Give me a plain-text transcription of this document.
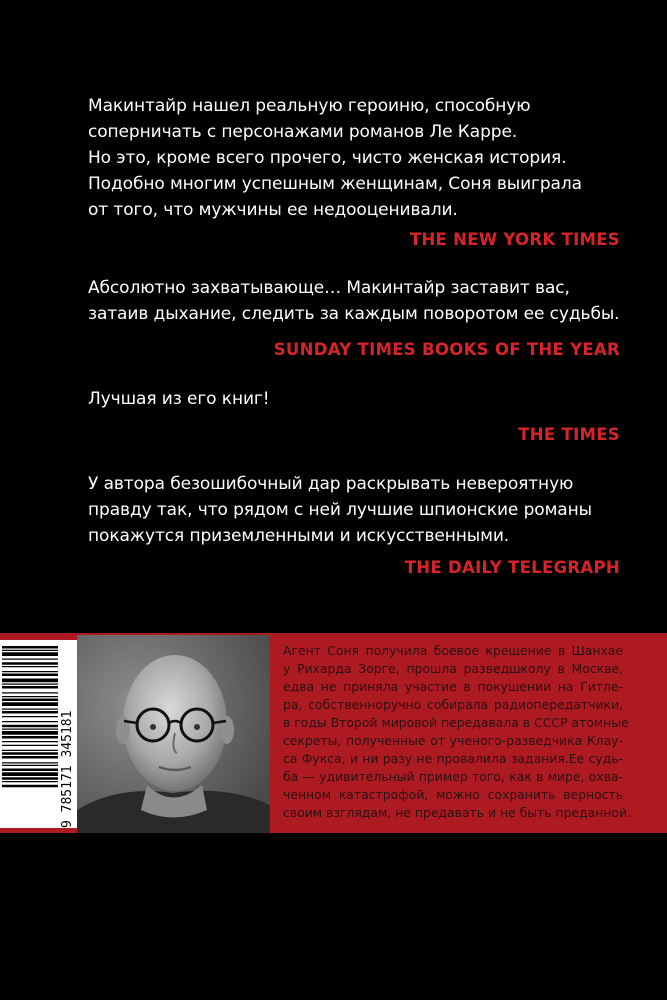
Макинтайр нашел реальную героиню, способную
соперничать с персонажами романов Ле Карре.
Но это, кроме всего прочего, чисто женская история.
Подобно многим успешным женщинам, Соня выиграла
от того, что мужчины ее недооценивали.
THE NEW YORK TIMES
Абсолютно захватывающе… Макинтайр заставит вас,
затаив дыхание, следить за каждым поворотом ее судьбы.
SUNDAY TIMES BOOKS OF THE YEAR
Лучшая из его книг!
THE TIMES
У автора безошибочный дар раскрывать невероятную
правду так, что рядом с ней лучшие шпионские романы
покажутся приземленными и искусственными.
THE DAILY TELEGRAPH
9 785171 345181
Агент Соня получила боевое крещение в Шанхае
у Рихарда Зорге, прошла разведшколу в Москве,
едва не приняла участие в покушении на Гитле-
ра, собственноручно собирала радиопередатчики,
в годы Второй мировой передавала в СССР атомные
секреты, полученные от ученого-разведчика Клау-
са Фукса, и ни разу не провалила задания.Ее судь-
ба — удивительный пример того, как в мире, охва-
ченном катастрофой, можно сохранить верность
своим взглядам, не предавать и не быть преданной.
